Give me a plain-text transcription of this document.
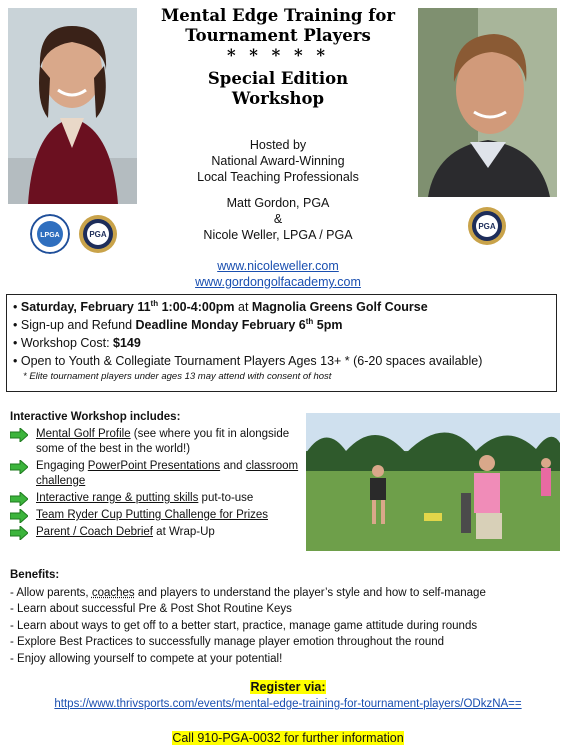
LPGA	PGA
PGA
Mental Edge Training for
Tournament Players
* * * * *
Special Edition
Workshop
Hosted by
National Award-Winning
Local Teaching Professionals
Matt Gordon, PGA
&
Nicole Weller, LPGA / PGA
www.nicoleweller.com
www.gordongolfacademy.com
• Saturday, February 11th 1:00-4:00pm at Magnolia Greens Golf Course
• Sign-up and Refund Deadline Monday February 6th 5pm
• Workshop Cost: $149
• Open to Youth & Collegiate Tournament Players Ages 13+ * (6-20 spaces available)
* Elite tournament players under ages 13 may attend with consent of host
Interactive Workshop includes:
Mental Golf Profile (see where you fit in alongside some of the best in the world!)
Engaging PowerPoint Presentations and classroom challenge
Interactive range & putting skills put-to-use
Team Ryder Cup Putting Challenge for Prizes
Parent / Coach Debrief at Wrap-Up
Benefits:
- Allow parents, coaches and players to understand the player’s style and how to self-manage
- Learn about successful Pre & Post Shot Routine Keys
- Learn about ways to get off to a better start, practice, manage game attitude during rounds
- Explore Best Practices to successfully manage player emotion throughout the round
- Enjoy allowing yourself to compete at your potential!
Register via:
https://www.thrivsports.com/events/mental-edge-training-for-tournament-players/ODkzNA==
Call 910-PGA-0032 for further information
